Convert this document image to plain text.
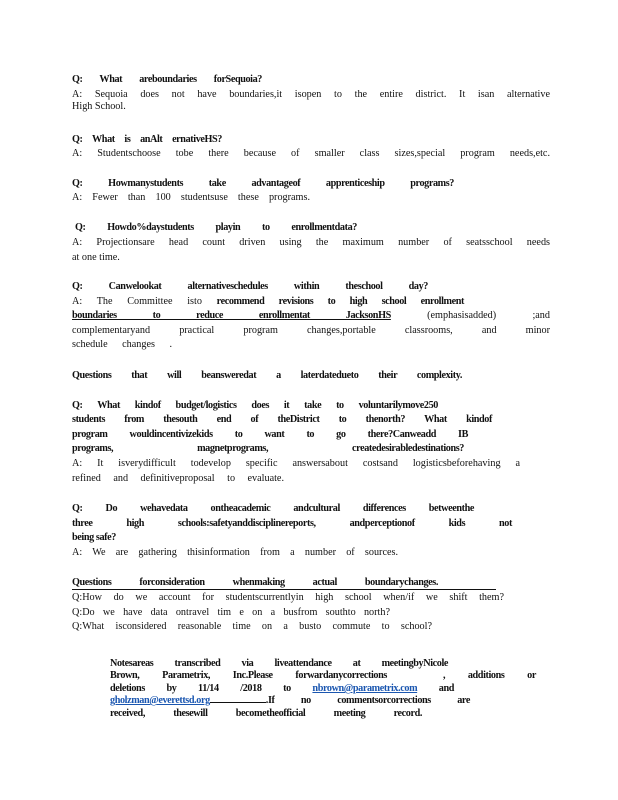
Q: What areboundaries forSequoia?
A: Sequoia does not have boundaries,it isopen to the entire district. It isan alternative
High School.
Q: What is anAlt ernativeHS?
A: Studentschoose tobe there because of smaller class sizes,special program needs,etc.
Q:	Howmanystudents take advantageof apprenticeship programs?
A: Fewer than 100 studentsuse these programs.
Q: Howdo%daystudents playin to enrollmentdata?
A: Projectionsare head count driven using the maximum number of seatsschool needs
at one time.
Q:	Canwelookat alternativeschedules within theschool day?
A: The Committee isto recommend revisions to high school enrollment
boundaries to reduce enrollmentat JacksonHS	(emphasisadded) ;and
complementaryand practical program changes,portable classrooms, and minor
schedule changes .
Questions that will beansweredat a laterdatedueto their complexity.
Q: What kindof budget/logistics does it take to voluntarilymove250
students from thesouth end of theDistrict to thenorth? What kindof
program wouldincentivizekids to want to go there?Canweadd IB
programs, magnetprograms, createdesirabledestinations?
A: It isverydifficult todevelop specific answersabout costsand logisticsbeforehaving a
refined and definitiveproposal to evaluate.
Q: Do wehavedata ontheacademic andcultural differences betweenthe
three high schools:safetyanddisciplinereports, andperceptionof kids not
being safe?
A: We are gathering thisinformation from a number of sources.
Questions forconsideration whenmaking actual boundarychanges.
Q:How do we account for studentscurrentlyin high school when/if we shift them?
Q:Do we have data ontravel tim e on a busfrom southto north?
Q:What isconsidered reasonable time on a busto commute to school?
Notesareas transcribed via liveattendance at meetingbyNicole
Brown, Parametrix, Inc.Please forwardanycorrections	, additions or
deletions by 11/14 /2018 to nbrown@parametrix.com and
gholzman@everettsd.org	.If no commentsorcorrections are
received, thesewill becometheofficial meeting record.
